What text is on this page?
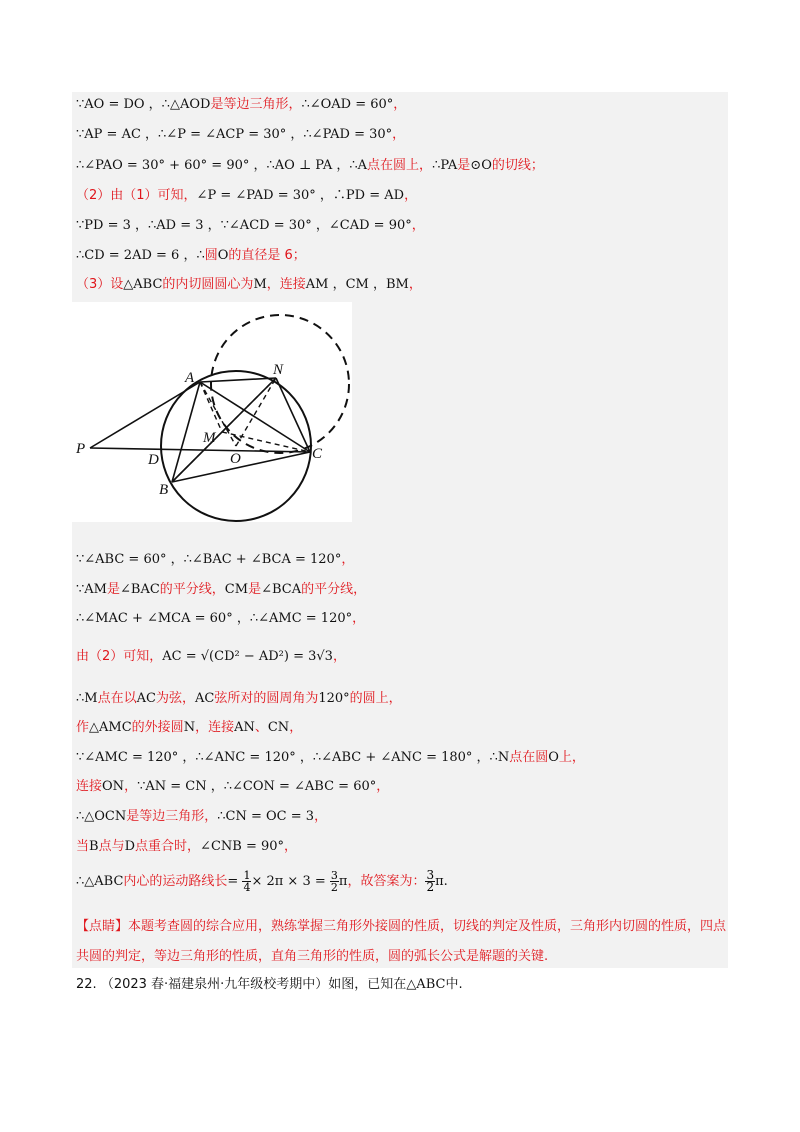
∵AO = DO ，∴△AOD是等边三角形，∴∠OAD = 60°，
∵AP = AC ，∴∠P = ∠ACP = 30° ，∴∠PAD = 30°，
∴∠PAO = 30° + 60° = 90° ，∴AO ⊥ PA ，∴A点在圆上，∴PA是⊙O的切线；
（2）由（1）可知，∠P = ∠PAD = 30° ，∴PD = AD，
∵PD = 3 ，∴AD = 3 ，∵∠ACD = 30° ，∠CAD = 90°，
∴CD = 2AD = 6 ，∴圆O的直径是 6；
（3）设△ABC的内切圆圆心为M，连接AM ，CM ，BM，
∵∠ABC = 60° ，∴∠BAC + ∠BCA = 120°，
∵AM是∠BAC的平分线，CM是∠BCA的平分线，
∴∠MAC + ∠MCA = 60° ，∴∠AMC = 120°，
由（2）可知，AC = √(CD² − AD²) = 3√3，
∴M点在以AC为弦，AC弦所对的圆周角为120°的圆上，
作△AMC的外接圆N，连接AN、CN，
∵∠AMC = 120° ，∴∠ANC = 120° ，∴∠ABC + ∠ANC = 180° ，∴N点在圆O上，
连接ON，∵AN = CN ，∴∠CON = ∠ABC = 60°，
∴△OCN是等边三角形，∴CN = OC = 3，
当B点与D点重合时，∠CNB = 90°，
∴△ABC内心的运动路线长= $\frac{1}{4} \times 2\pi \times 3 = \frac{3}{2}$ π，故答案为： $\frac{3}{2} \pi$.
【点睛】本题考查圆的综合应用，熟练掌握三角形外接圆的性质，切线的判定及性质，三角形内切圆的性质，四点共圆的判定，等边三角形的性质，直角三角形的性质，圆的弧长公式是解题的关键.
A	N
M
P
D	O	C
B
22. （2023 春·福建泉州·九年级校考期中）如图，已知在△ABC中.
